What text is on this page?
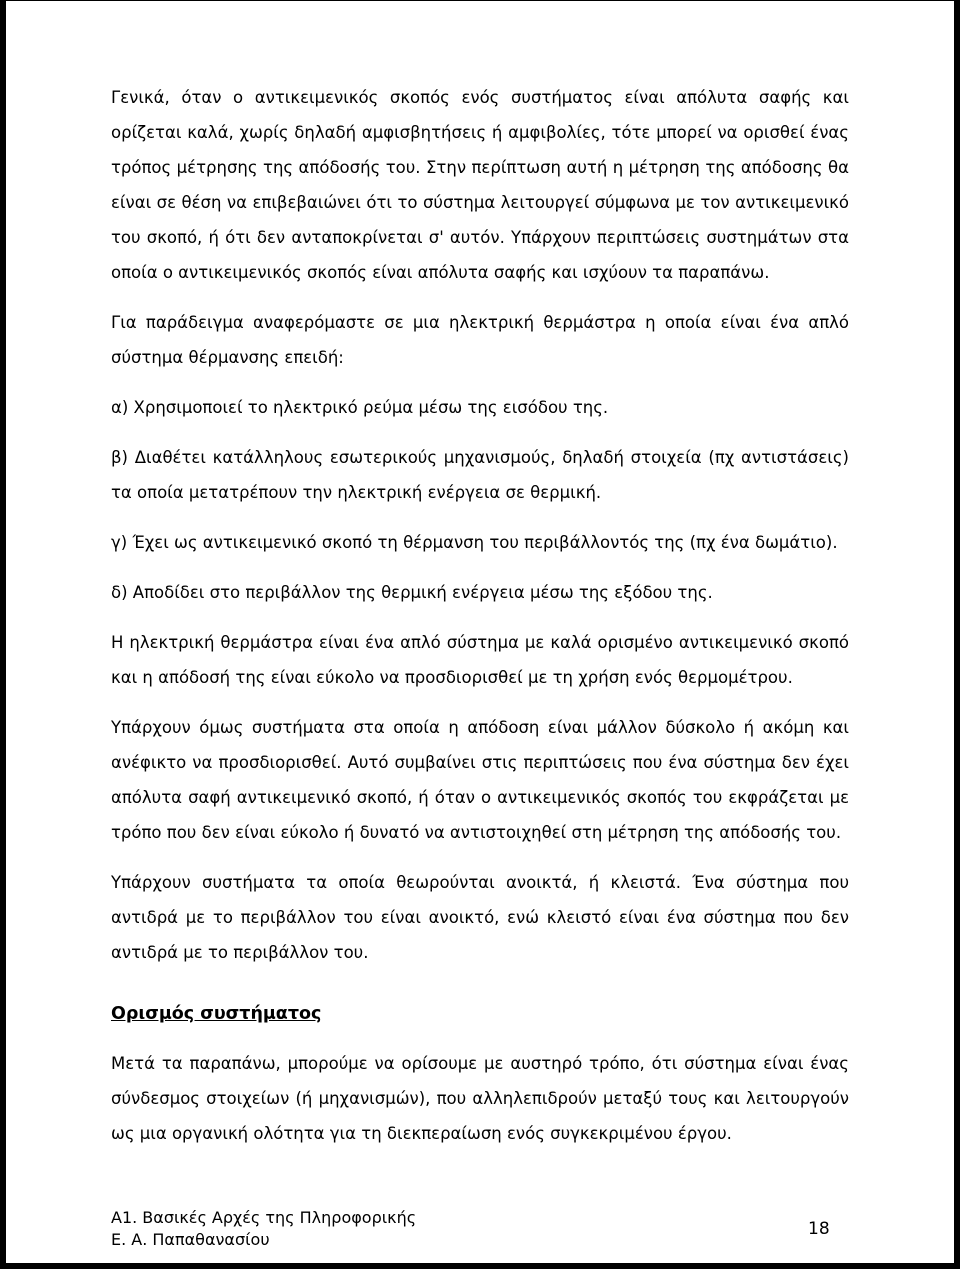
Γενικά, όταν ο αντικειμενικός σκοπός ενός συστήματος είναι απόλυτα σαφής και ορίζεται καλά, χωρίς δηλαδή αμφισβητήσεις ή αμφιβολίες, τότε μπορεί να ορισθεί ένας τρόπος μέτρησης της απόδοσής του. Στην περίπτωση αυτή η μέτρηση της απόδοσης θα είναι σε θέση να επιβεβαιώνει ότι το σύστημα λειτουργεί σύμφωνα με τον αντικειμενικό του σκοπό, ή ότι δεν ανταποκρίνεται σ' αυτόν. Υπάρχουν περιπτώσεις συστημάτων στα οποία ο αντικειμενικός σκοπός είναι απόλυτα σαφής και ισχύουν τα παραπάνω.

Για παράδειγμα αναφερόμαστε σε μια ηλεκτρική θερμάστρα η οποία είναι ένα απλό σύστημα θέρμανσης επειδή:

α) Χρησιμοποιεί το ηλεκτρικό ρεύμα μέσω της εισόδου της.

β) Διαθέτει κατάλληλους εσωτερικούς μηχανισμούς, δηλαδή στοιχεία (πχ αντιστάσεις) τα οποία μετατρέπουν την ηλεκτρική ενέργεια σε θερμική.

γ) Έχει ως αντικειμενικό σκοπό τη θέρμανση του περιβάλλοντός της (πχ ένα δωμάτιο).

δ) Αποδίδει στο περιβάλλον της θερμική ενέργεια μέσω της εξόδου της.

Η ηλεκτρική θερμάστρα είναι ένα απλό σύστημα με καλά ορισμένο αντικειμενικό σκοπό και η απόδοσή της είναι εύκολο να προσδιορισθεί με τη χρήση ενός θερμομέτρου.

Υπάρχουν όμως συστήματα στα οποία η απόδοση είναι μάλλον δύσκολο ή ακόμη και ανέφικτο να προσδιορισθεί. Αυτό συμβαίνει στις περιπτώσεις που ένα σύστημα δεν έχει απόλυτα σαφή αντικειμενικό σκοπό, ή όταν ο αντικειμενικός σκοπός του εκφράζεται με τρόπο που δεν είναι εύκολο ή δυνατό να αντιστοιχηθεί στη μέτρηση της απόδοσής του.

Υπάρχουν συστήματα τα οποία θεωρούνται ανοικτά, ή κλειστά. Ένα σύστημα που αντιδρά με το περιβάλλον του είναι ανοικτό, ενώ κλειστό είναι ένα σύστημα που δεν αντιδρά με το περιβάλλον του.

Ορισμός συστήματος

Μετά τα παραπάνω, μπορούμε να ορίσουμε με αυστηρό τρόπο, ότι σύστημα είναι ένας σύνδεσμος στοιχείων (ή μηχανισμών), που αλληλεπιδρούν μεταξύ τους και λειτουργούν ως μια οργανική ολότητα για τη διεκπεραίωση ενός συγκεκριμένου έργου.

Α1. Βασικές Αρχές της Πληροφορικής
Ε. Α. Παπαθανασίου
18
